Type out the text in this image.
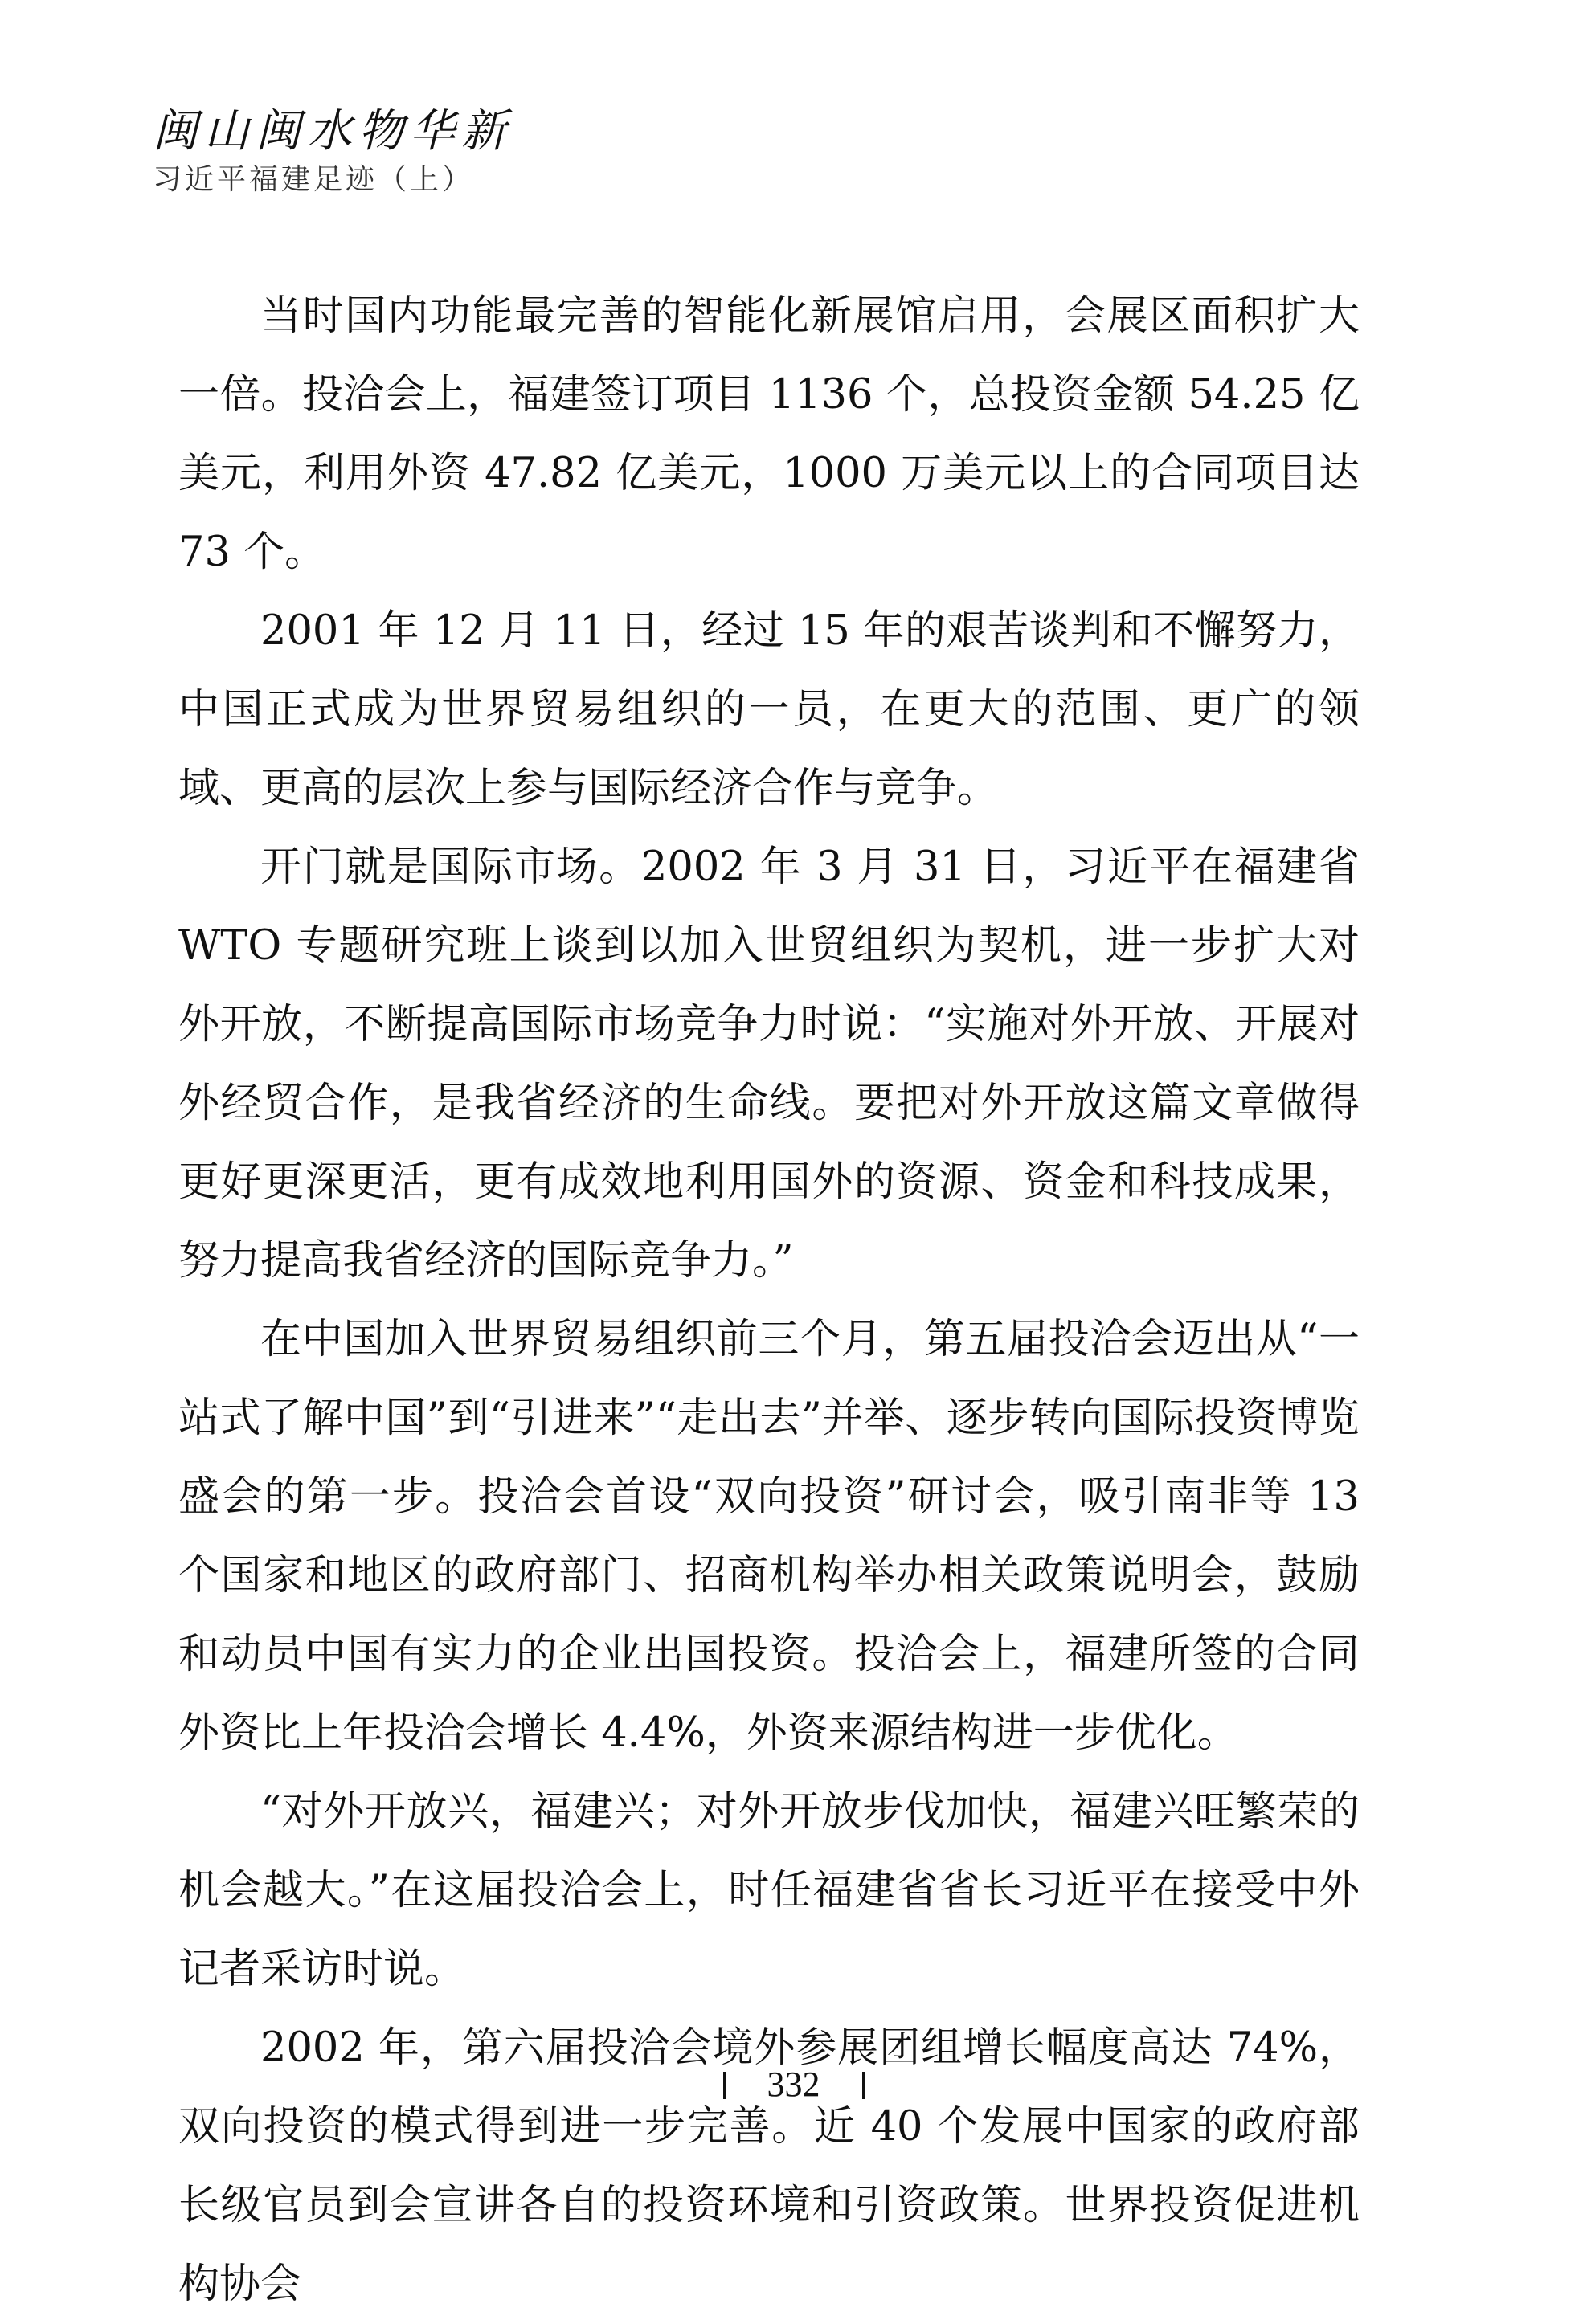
闽山闽水物华新
习近平福建足迹（上）

当时国内功能最完善的智能化新展馆启用，会展区面积扩大一倍。投洽会上，福建签订项目 1136 个，总投资金额 54.25 亿美元，利用外资 47.82 亿美元，1000 万美元以上的合同项目达 73 个。

2001 年 12 月 11 日，经过 15 年的艰苦谈判和不懈努力，中国正式成为世界贸易组织的一员，在更大的范围、更广的领域、更高的层次上参与国际经济合作与竞争。

开门就是国际市场。2002 年 3 月 31 日，习近平在福建省 WTO 专题研究班上谈到以加入世贸组织为契机，进一步扩大对外开放，不断提高国际市场竞争力时说：“实施对外开放、开展对外经贸合作，是我省经济的生命线。要把对外开放这篇文章做得更好更深更活，更有成效地利用国外的资源、资金和科技成果，努力提高我省经济的国际竞争力。”

在中国加入世界贸易组织前三个月，第五届投洽会迈出从“一站式了解中国”到“引进来”“走出去”并举、逐步转向国际投资博览盛会的第一步。投洽会首设“双向投资”研讨会，吸引南非等 13 个国家和地区的政府部门、招商机构举办相关政策说明会，鼓励和动员中国有实力的企业出国投资。投洽会上，福建所签的合同外资比上年投洽会增长 4.4%，外资来源结构进一步优化。

“对外开放兴，福建兴；对外开放步伐加快，福建兴旺繁荣的机会越大。”在这届投洽会上，时任福建省省长习近平在接受中外记者采访时说。

2002 年，第六届投洽会境外参展团组增长幅度高达 74%，双向投资的模式得到进一步完善。近 40 个发展中国家的政府部长级官员到会宣讲各自的投资环境和引资政策。世界投资促进机构协会

332
